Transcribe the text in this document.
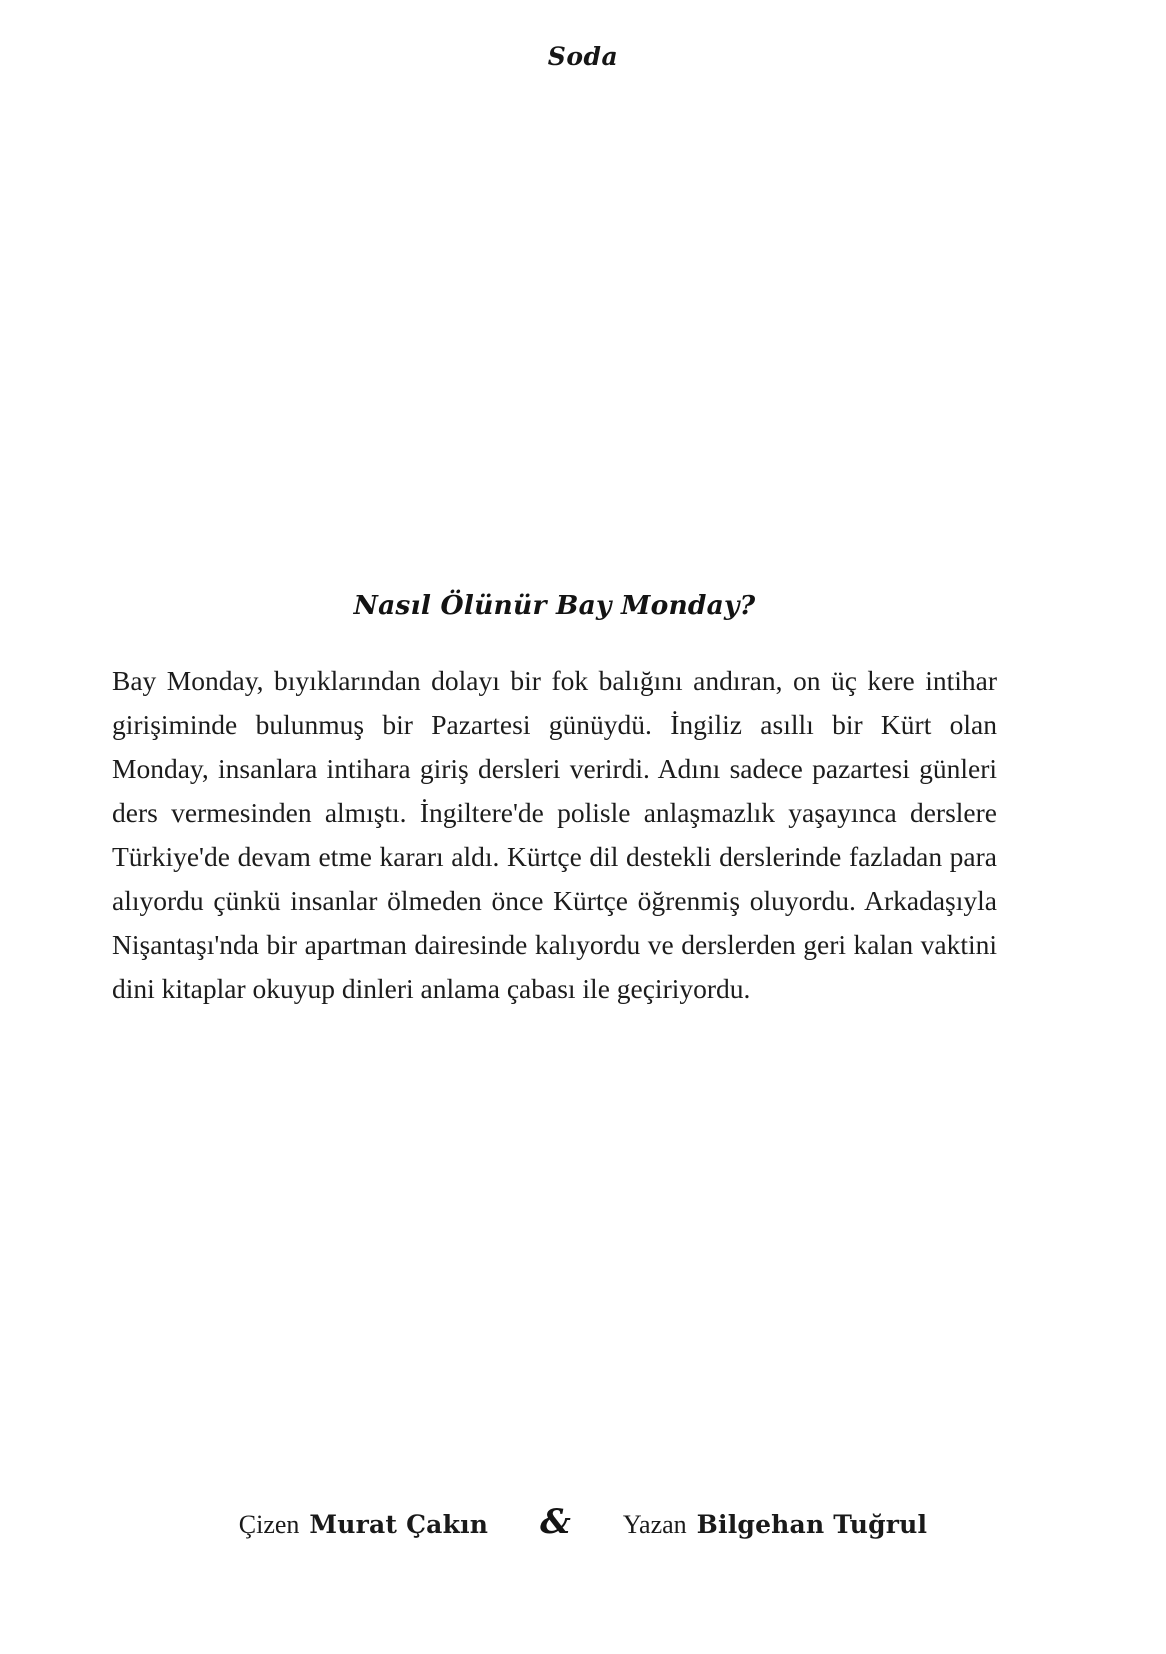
Soda
Nasıl Ölünür Bay Monday?

Bay Monday, bıyıklarından dolayı bir fok balığını andıran, on üç kere intihar girişiminde bulunmuş bir Pazartesi günüydü. İngiliz asıllı bir Kürt olan Monday, insanlara intihara giriş dersleri verirdi. Adını sadece pazartesi günleri ders vermesinden almıştı. İngiltere'de polisle anlaşmazlık yaşayınca derslere Türkiye'de devam etme kararı aldı. Kürtçe dil destekli derslerinde fazladan para alıyordu çünkü insanlar ölmeden önce Kürtçe öğrenmiş oluyordu. Arkadaşıyla Nişantaşı'nda bir apartman dairesinde kalıyordu ve derslerden geri kalan vaktini dini kitaplar okuyup dinleri anlama çabası ile geçiriyordu.

Çizen Murat Çakın	&	Yazan Bilgehan Tuğrul
